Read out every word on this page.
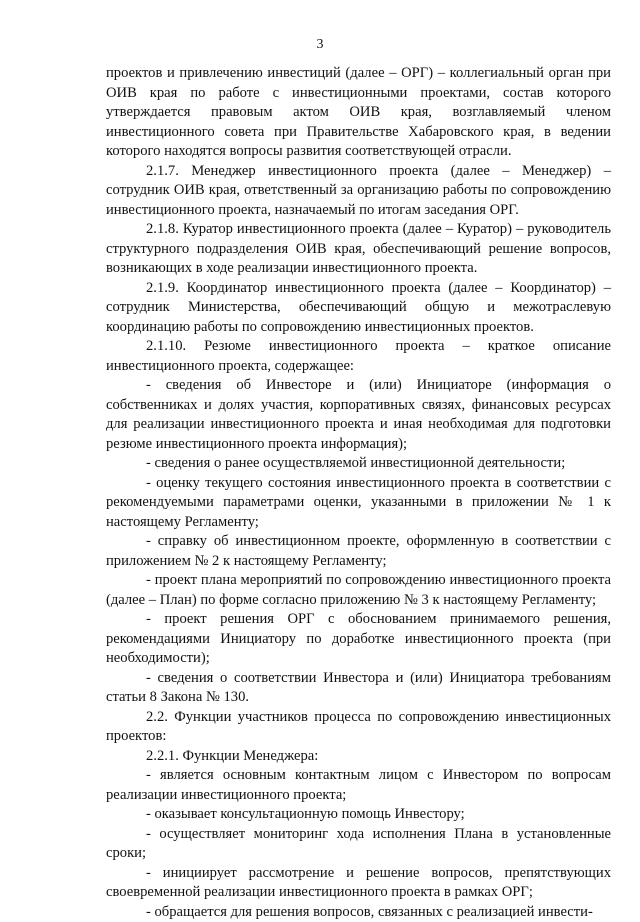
3

проектов и привлечению инвестиций (далее – ОРГ) – коллегиальный орган при ОИВ края по работе с инвестиционными проектами, состав которого утверждается правовым актом ОИВ края, возглавляемый членом инвестиционного совета при Правительстве Хабаровского края, в ведении которого находятся вопросы развития соответствующей отрасли.

2.1.7. Менеджер инвестиционного проекта (далее – Менеджер) – сотрудник ОИВ края, ответственный за организацию работы по сопровождению инвестиционного проекта, назначаемый по итогам заседания ОРГ.

2.1.8. Куратор инвестиционного проекта (далее – Куратор) – руководитель структурного подразделения ОИВ края, обеспечивающий решение вопросов, возникающих в ходе реализации инвестиционного проекта.

2.1.9. Координатор инвестиционного проекта (далее – Координатор) – сотрудник Министерства, обеспечивающий общую и межотраслевую координацию работы по сопровождению инвестиционных проектов.

2.1.10. Резюме инвестиционного проекта – краткое описание инвестиционного проекта, содержащее:

- сведения об Инвесторе и (или) Инициаторе (информация о собственниках и долях участия, корпоративных связях, финансовых ресурсах для реализации инвестиционного проекта и иная необходимая для подготовки резюме инвестиционного проекта информация);

- сведения о ранее осуществляемой инвестиционной деятельности;

- оценку текущего состояния инвестиционного проекта в соответствии с рекомендуемыми параметрами оценки, указанными в приложении № 1 к настоящему Регламенту;

- справку об инвестиционном проекте, оформленную в соответствии с приложением № 2 к настоящему Регламенту;

- проект плана мероприятий по сопровождению инвестиционного проекта (далее – План) по форме согласно приложению № 3 к настоящему Регламенту;

- проект решения ОРГ с обоснованием принимаемого решения, рекомендациями Инициатору по доработке инвестиционного проекта (при необходимости);

- сведения о соответствии Инвестора и (или) Инициатора требованиям статьи 8 Закона № 130.

2.2. Функции участников процесса по сопровождению инвестиционных проектов:

2.2.1. Функции Менеджера:

- является основным контактным лицом с Инвестором по вопросам реализации инвестиционного проекта;

- оказывает консультационную помощь Инвестору;

- осуществляет мониторинг хода исполнения Плана в установленные сроки;

- инициирует рассмотрение и решение вопросов, препятствующих своевременной реализации инвестиционного проекта в рамках ОРГ;

- обращается для решения вопросов, связанных с реализацией инвести-
